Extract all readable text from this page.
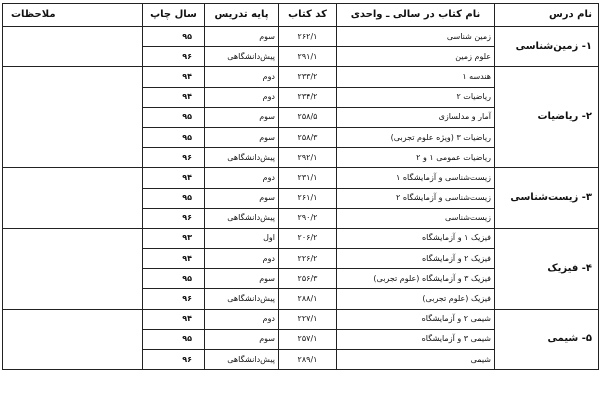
نام درس	نام کتاب در سالی ـ واحدی	کد کتاب	پایه تدریس	سال چاپ	ملاحظات
۱- زمین‌شناسی	زمین شناسی	۲۶۲/۱	سوم	۹۵	
	علوم زمین	۲۹۱/۱	پیش‌دانشگاهی	۹۶	
۲- ریاضیات	هندسه ۱	۲۳۳/۲	دوم	۹۴	
	ریاضیات ۲	۲۳۴/۲	دوم	۹۴	
	آمار و مدلسازی	۲۵۸/۵	سوم	۹۵	
	ریاضیات ۳ (ویژه علوم تجربی)	۲۵۸/۳	سوم	۹۵	
	ریاضیات عمومی ۱ و ۲	۲۹۲/۱	پیش‌دانشگاهی	۹۶	
۳- زیست‌شناسی	زیست‌شناسی و آزمایشگاه ۱	۲۳۱/۱	دوم	۹۴	
	زیست‌شناسی و آزمایشگاه ۲	۲۶۱/۱	سوم	۹۵	
	زیست‌شناسی	۲۹۰/۲	پیش‌دانشگاهی	۹۶	
۴- فیزیک	فیزیک ۱ و آزمایشگاه	۲۰۶/۲	اول	۹۳	
	فیزیک ۲ و آزمایشگاه	۲۲۶/۲	دوم	۹۴	
	فیزیک ۳ و آزمایشگاه (علوم تجربی)	۲۵۶/۳	سوم	۹۵	
	فیزیک (علوم تجربی)	۲۸۸/۱	پیش‌دانشگاهی	۹۶	
۵- شیمی	شیمی ۲ و آزمایشگاه	۲۲۷/۱	دوم	۹۴	
	شیمی ۳ و آزمایشگاه	۲۵۷/۱	سوم	۹۵	
	شیمی	۲۸۹/۱	پیش‌دانشگاهی	۹۶	
